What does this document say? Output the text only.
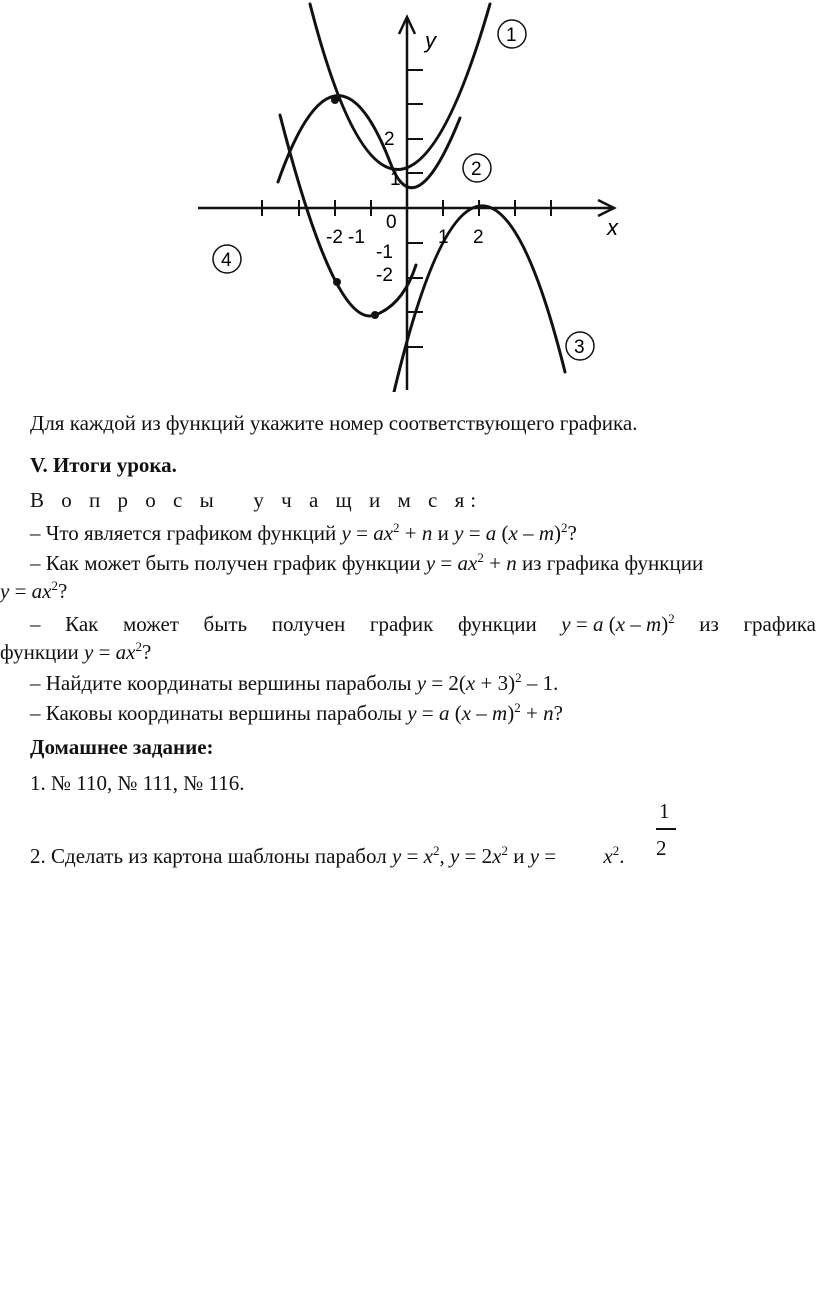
y
x
0
-2 -1	1 2
2
1
-1
-2
1
2
3
4
Для каждой из функций укажите номер соответствующего графика.
V. Итоги урока.
В о п р о с ы   у ч а щ и м с я:
– Что является графиком функций $y = ax^2 + n$ и y = a (x – m)$^2$?
– Как может быть получен график функции $y = ax^2 + n$ из графика функции
$y = ax^2$?
– Как может быть получен график функции y = a (x – m)$^2$ из графика
функции $y = ax^2$?
– Найдите координаты вершины параболы $y = 2(x + 3)^2 - 1$.
– Каковы координаты вершины параболы y = a (x – m)$^2$ + n?
Домашнее задание:
1. № 110, № 111, № 116.
2. Сделать из картона шаблоны парабол $y = x^2$, $y = 2x^2$ и $y = x^2$.
1
2
